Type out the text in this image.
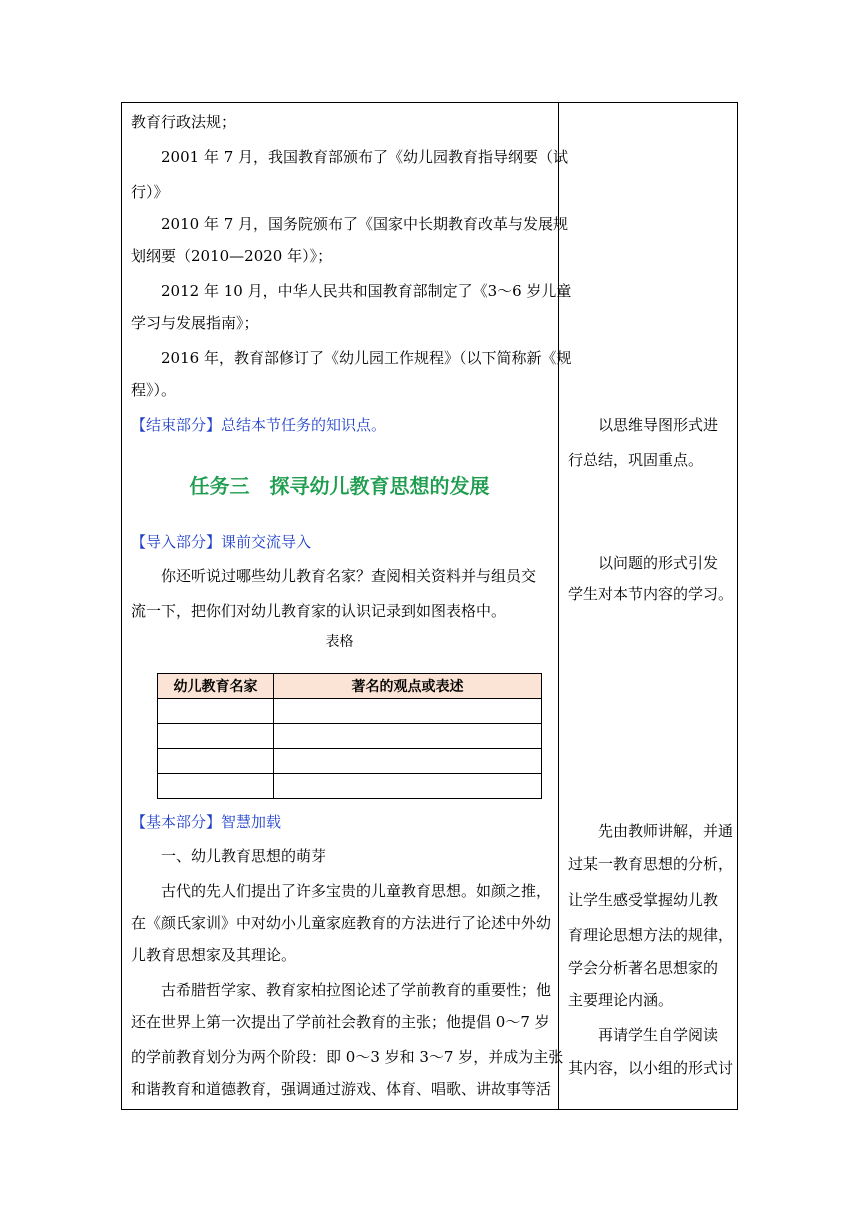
教育行政法规；
2001 年 7 月，我国教育部颁布了《幼儿园教育指导纲要（试
行）》
2010 年 7 月，国务院颁布了《国家中长期教育改革与发展规
划纲要（2010—2020 年）》；
2012 年 10 月，中华人民共和国教育部制定了《3～6 岁儿童
学习与发展指南》；
2016 年，教育部修订了《幼儿园工作规程》（以下简称新《规
程》）。
【结束部分】总结本节任务的知识点。
任务三　探寻幼儿教育思想的发展
【导入部分】课前交流导入
你还听说过哪些幼儿教育名家？查阅相关资料并与组员交
流一下，把你们对幼儿教育家的认识记录到如图表格中。
表格
幼儿教育名家	著名的观点或表述

【基本部分】智慧加载
一、幼儿教育思想的萌芽
古代的先人们提出了许多宝贵的儿童教育思想。如颜之推，
在《颜氏家训》中对幼小儿童家庭教育的方法进行了论述中外幼
儿教育思想家及其理论。
古希腊哲学家、教育家柏拉图论述了学前教育的重要性；他
还在世界上第一次提出了学前社会教育的主张；他提倡 0～7 岁
的学前教育划分为两个阶段：即 0～3 岁和 3～7 岁，并成为主张
和谐教育和道德教育，强调通过游戏、体育、唱歌、讲故事等活
以思维导图形式进
行总结，巩固重点。
以问题的形式引发
学生对本节内容的学习。
先由教师讲解，并通
过某一教育思想的分析，
让学生感受掌握幼儿教
育理论思想方法的规律，
学会分析著名思想家的
主要理论内涵。
再请学生自学阅读
其内容，以小组的形式讨
